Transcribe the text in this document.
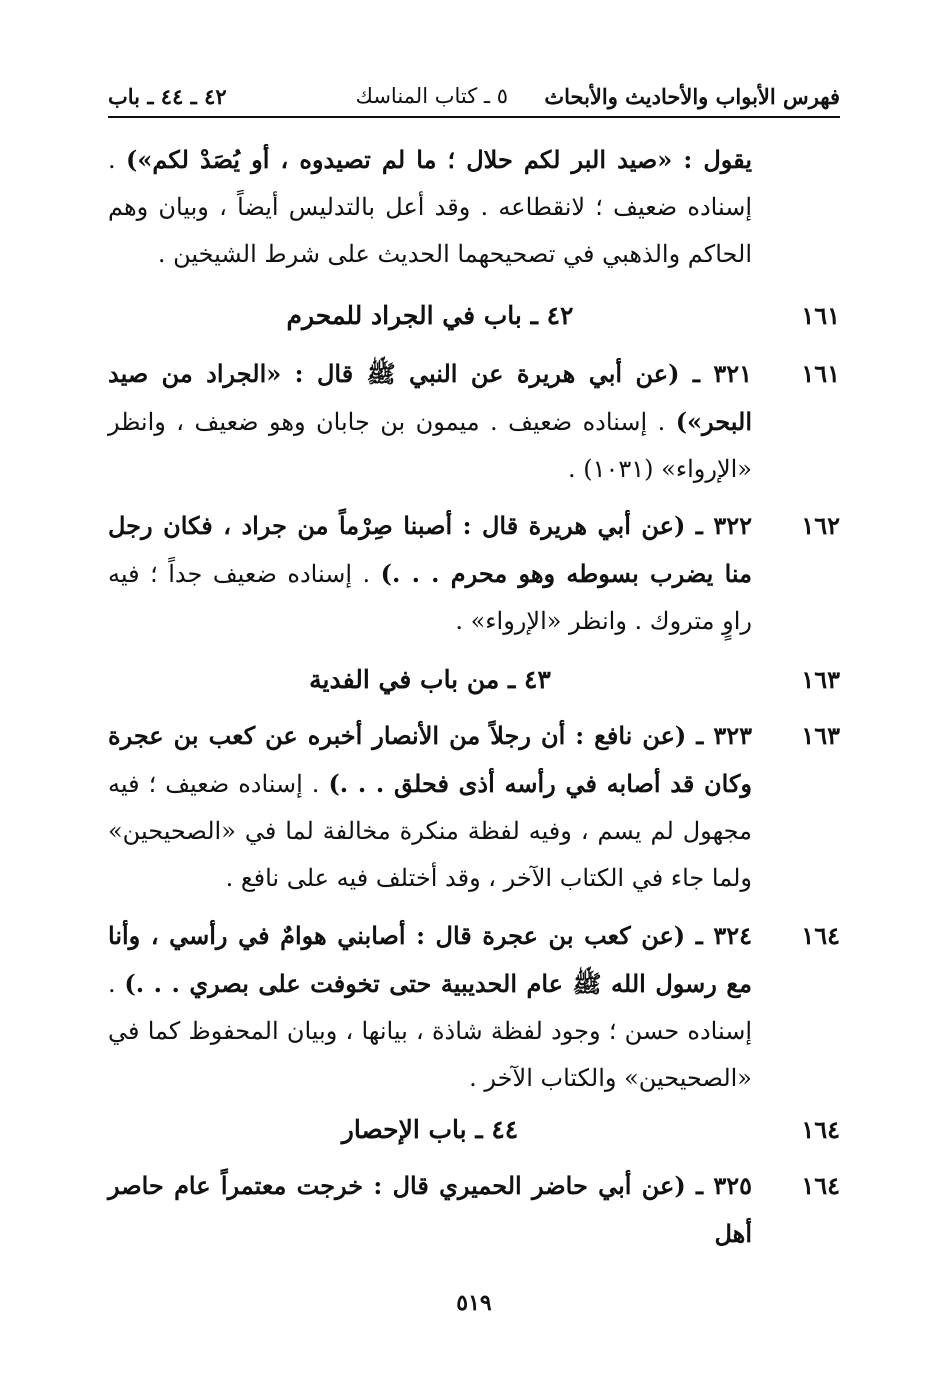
فهرس الأبواب والأحاديث والأبحاث
٥ ـ كتاب المناسك
٤٢ ـ ٤٤ ـ باب
يقول : «صيد البر لكم حلال ؛ ما لم تصيدوه ، أو يُصَدْ لكم») . إسناده ضعيف ؛ لانقطاعه . وقد أعل بالتدليس أيضاً ، وبيان وهم الحاكم والذهبي في تصحيحهما الحديث على شرط الشيخين .
١٦١
٤٢ ـ باب في الجراد للمحرم
١٦١
٣٢١ ـ (عن أبي هريرة عن النبي ﷺ قال : «الجراد من صيد البحر») . إسناده ضعيف . ميمون بن جابان وهو ضعيف ، وانظر «الإرواء» (١٠٣١) .
١٦٢
٣٢٢ ـ (عن أبي هريرة قال : أصبنا صِرْماً من جراد ، فكان رجل منا يضرب بسوطه وهو محرم . . .) . إسناده ضعيف جداً ؛ فيه راوٍ متروك . وانظر «الإرواء» .
١٦٣
٤٣ ـ من باب في الفدية
١٦٣
٣٢٣ ـ (عن نافع : أن رجلاً من الأنصار أخبره عن كعب بن عجرة وكان قد أصابه في رأسه أذى فحلق . . .) . إسناده ضعيف ؛ فيه مجهول لم يسم ، وفيه لفظة منكرة مخالفة لما في «الصحيحين» ولما جاء في الكتاب الآخر ، وقد أختلف فيه على نافع .
١٦٤
٣٢٤ ـ (عن كعب بن عجرة قال : أصابني هوامٌ في رأسي ، وأنا مع رسول الله ﷺ عام الحديبية حتى تخوفت على بصري . . .) . إسناده حسن ؛ وجود لفظة شاذة ، بيانها ، وبيان المحفوظ كما في «الصحيحين» والكتاب الآخر .
١٦٤
٤٤ ـ باب الإحصار
١٦٤
٣٢٥ ـ (عن أبي حاضر الحميري قال : خرجت معتمراً عام حاصر أهل
٥١٩
